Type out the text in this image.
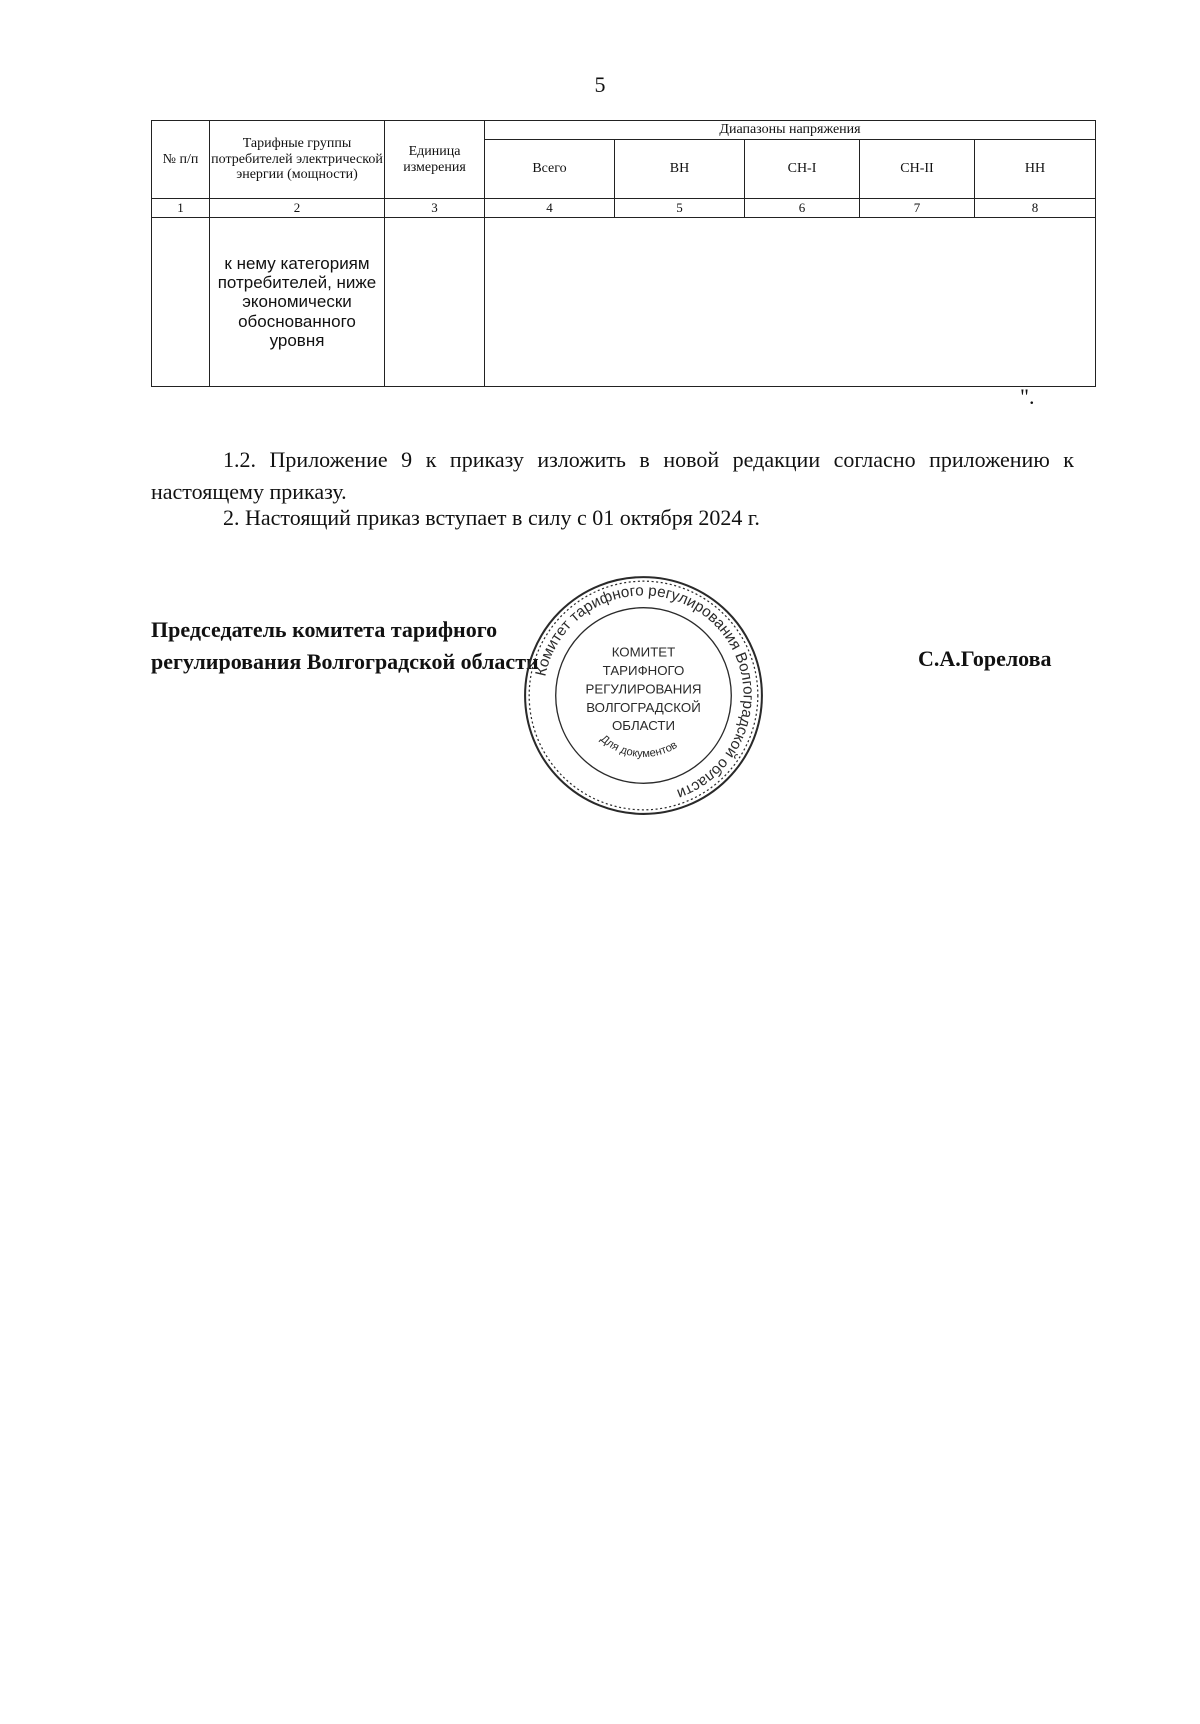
5
№ п/п	Тарифные группы потребителей электрической энергии (мощности)	Единица измерения	Диапазоны напряжения				
			Всего	ВН	СН-I	СН-II	НН
1	2	3	4	5	6	7	8
	к нему категориям потребителей, ниже экономически обоснованного уровня						
".
1.2. Приложение 9 к приказу изложить в новой редакции согласно приложению к настоящему приказу.
2. Настоящий приказ вступает в силу с 01 октября 2024 г.
Председатель комитета тарифного
регулирования Волгоградской области	С.А.Горелова
Комитет тарифного регулирования Волгоградской области
КОМИТЕТ
ТАРИФНОГО
РЕГУЛИРОВАНИЯ
ВОЛГОГРАДСКОЙ
ОБЛАСТИ
Для документов
